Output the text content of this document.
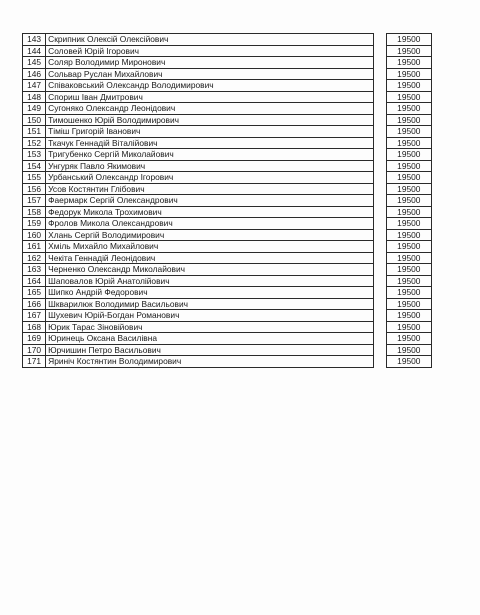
143	Скрипник Олексій Олексійович		19500
144	Соловей Юрій Ігорович		19500
145	Соляр Володимир Миронович		19500
146	Сольвар Руслан Михайлович		19500
147	Співаковський Олександр Володимирович		19500
148	Спориш Іван Дмитрович		19500
149	Сугоняко Олександр Леонідович		19500
150	Тимошенко Юрій Володимирович		19500
151	Тіміш Григорій Іванович		19500
152	Ткачук Геннадій Віталійович		19500
153	Тригубенко Сергій Миколайович		19500
154	Унгуряк Павло Якимович		19500
155	Урбанський Олександр Ігорович		19500
156	Усов Костянтин Глібович		19500
157	Фаермарк Сергій Олександрович		19500
158	Федорук Микола Трохимович		19500
159	Фролов Микола Олександрович		19500
160	Хлань Сергій Володимирович		19500
161	Хміль Михайло Михайлович		19500
162	Чекіта Геннадій Леонідович		19500
163	Черненко Олександр Миколайович		19500
164	Шаповалов Юрій Анатолійович		19500
165	Шипко Андрій Федорович		19500
166	Шкварилюк Володимир Васильович		19500
167	Шухевич Юрій-Богдан Романович		19500
168	Юрик Тарас Зіновійович		19500
169	Юринець Оксана Василівна		19500
170	Юрчишин Петро Васильович		19500
171	Яриніч Костянтин Володимирович		19500
